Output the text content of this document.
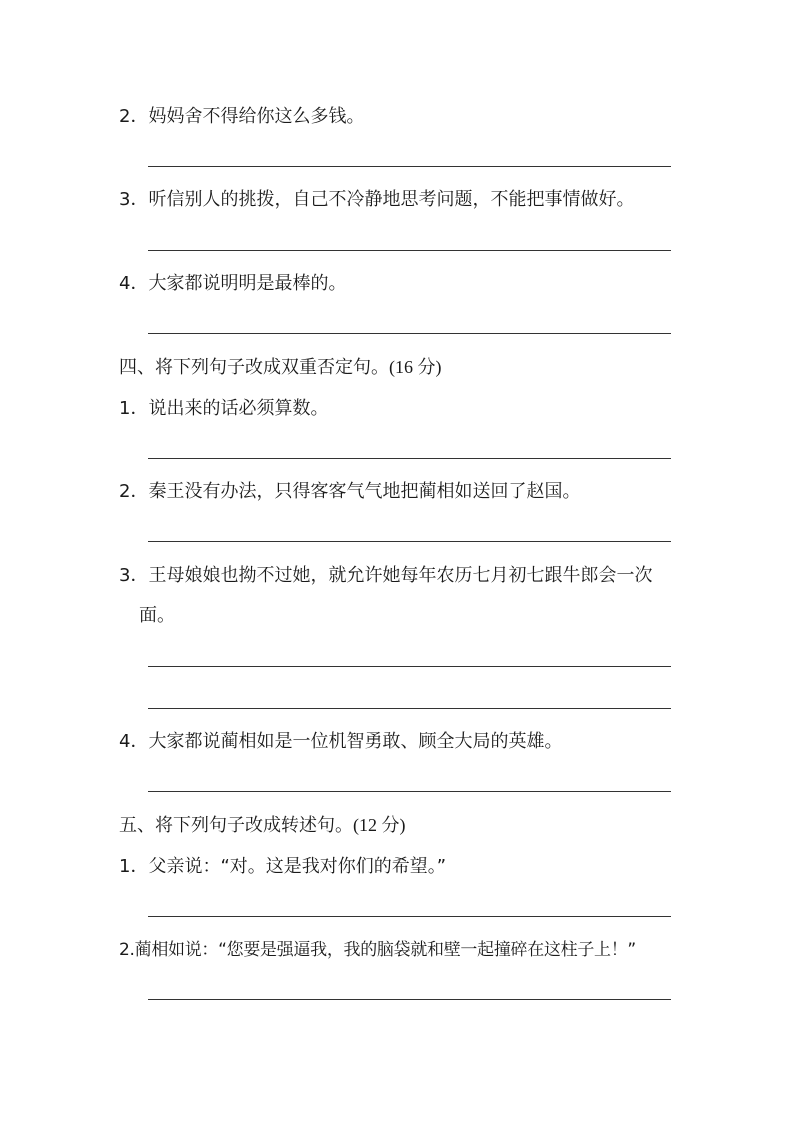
2．妈妈舍不得给你这么多钱。
3．听信别人的挑拨，自己不冷静地思考问题，不能把事情做好。
4．大家都说明明是最棒的。
四、将下列句子改成双重否定句。(16 分)
1．说出来的话必须算数。
2．秦王没有办法，只得客客气气地把蔺相如送回了赵国。
3．王母娘娘也拗不过她，就允许她每年农历七月初七跟牛郎会一次
面。
4．大家都说蔺相如是一位机智勇敢、顾全大局的英雄。
五、将下列句子改成转述句。(12 分)
1．父亲说：“对。这是我对你们的希望。”
2.蔺相如说：“您要是强逼我，我的脑袋就和壁一起撞碎在这柱子上！”
